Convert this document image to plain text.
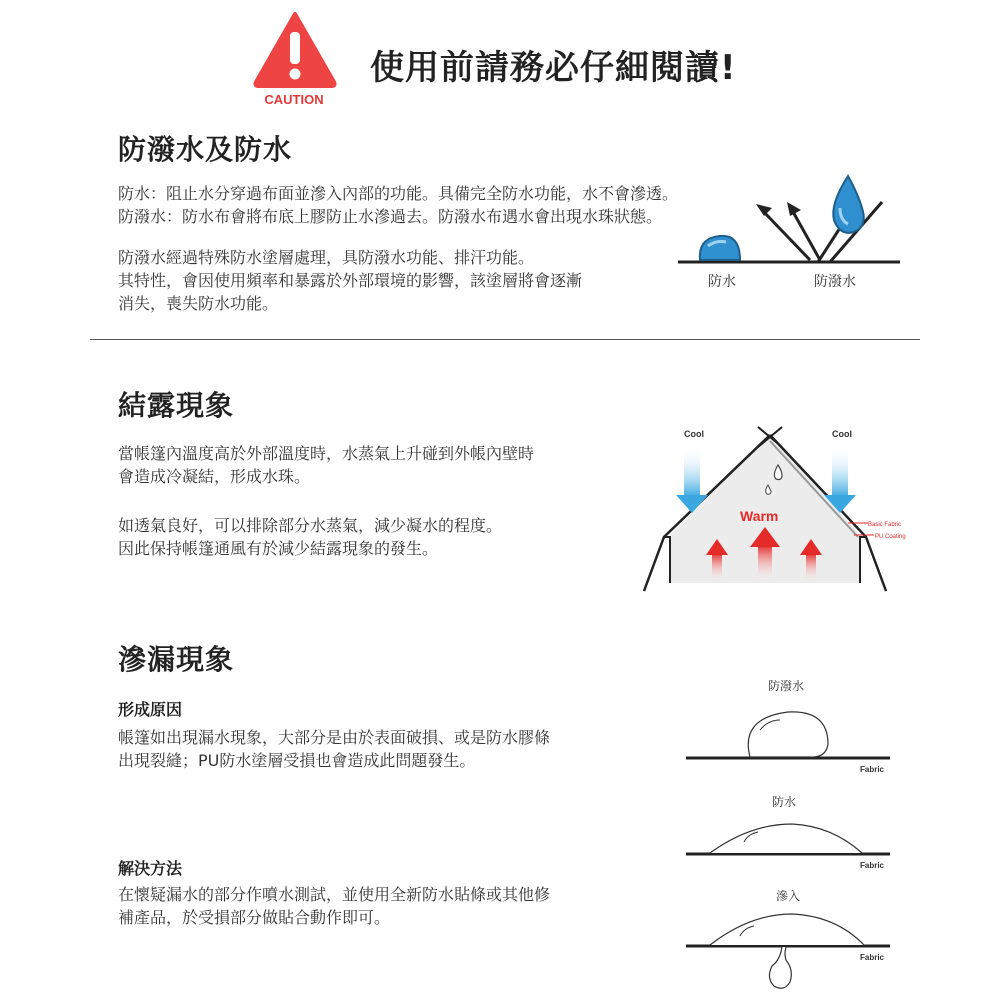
CAUTION
使用前請務必仔細閱讀!
防潑水及防水
防水：阻止水分穿過布面並滲入內部的功能。具備完全防水功能，水不會滲透。
防潑水：防水布會將布底上膠防止水滲過去。防潑水布遇水會出現水珠狀態。
防潑水經過特殊防水塗層處理，具防潑水功能、排汗功能。
其特性，會因使用頻率和暴露於外部環境的影響，該塗層將會逐漸
消失，喪失防水功能。
防水	防潑水
結露現象
當帳篷內溫度高於外部溫度時，水蒸氣上升碰到外帳內壁時
會造成冷凝結，形成水珠。
如透氣良好，可以排除部分水蒸氣，減少凝水的程度。
因此保持帳篷通風有於減少結露現象的發生。
Cool	Cool
Warm
Basic Fabric
PU Coating
滲漏現象
形成原因
帳篷如出現漏水現象，大部分是由於表面破損、或是防水膠條
出現裂縫；PU防水塗層受損也會造成此問題發生。
解決方法
在懷疑漏水的部分作噴水測試，並使用全新防水貼條或其他修
補產品，於受損部分做貼合動作即可。
防潑水
Fabric
防水
Fabric
滲入
Fabric
